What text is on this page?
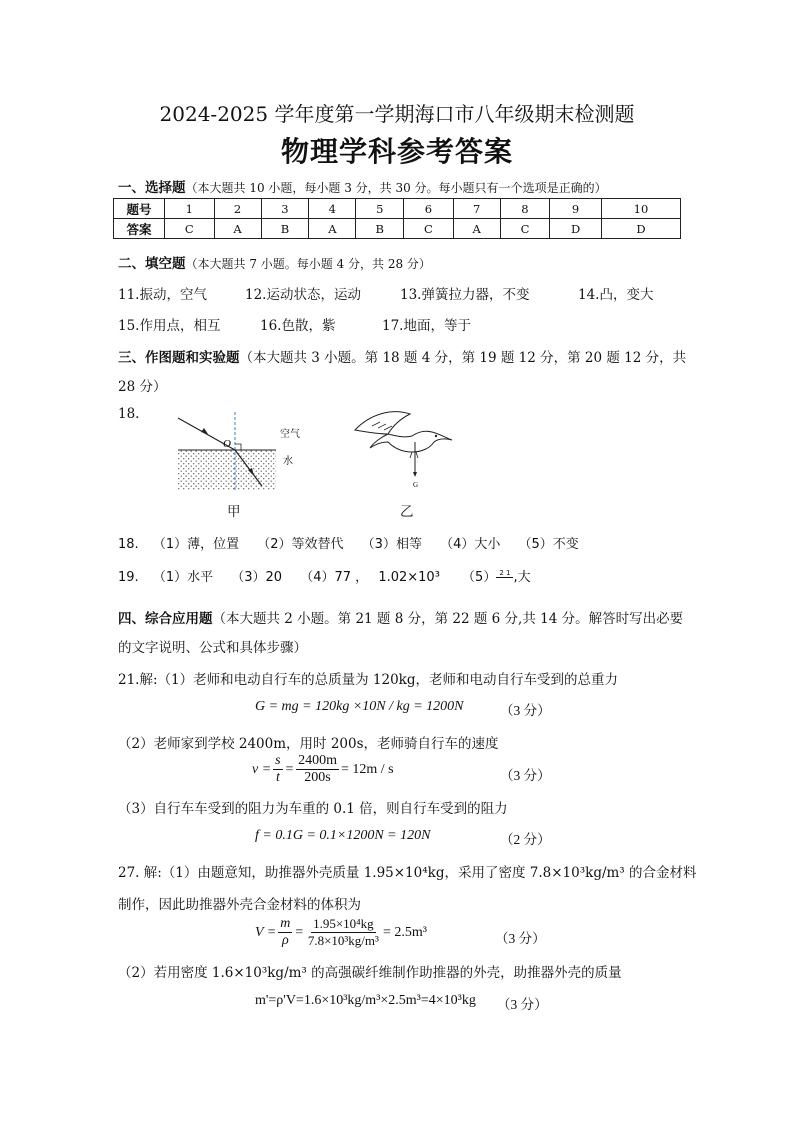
2024-2025 学年度第一学期海口市八年级期末检测题
物理学科参考答案
一、选择题（本大题共 10 小题，每小题 3 分，共 30 分。每小题只有一个选项是正确的）
题号	1	2	3	4	5	6	7	8	9	10
答案	C	A	B	A	B	C	A	C	D	D
二、填空题（本大题共 7 小题。每小题 4 分，共 28 分）
11.振动，空气	12.运动状态，运动	13.弹簧拉力器，不变	14.凸，变大
15.作用点，相互	16.色散，紫	17.地面，等于
三、作图题和实验题（本大题共 3 小题。第 18 题 4 分，第 19 题 12 分，第 20 题 12 分，共
28 分）
18.
O
空气
水
甲
G
乙
18. （1）薄，位置 （2）等效替代 （3）相等 （4）大小 （5）不变
19. （1）水平 （3）20 （4）77 ， 1.02×10³ （5） 2 1 ,大
四、综合应用题（本大题共 2 小题。第 21 题 8 分，第 22 题 6 分,共 14 分。解答时写出必要
的文字说明、公式和具体步骤）
21.解:（1）老师和电动自行车的总质量为 120kg，老师和电动自行车受到的总重力
G = mg = 120kg ×10N / kg = 1200N	（3 分）
（2）老师家到学校 2400m，用时 200s，老师骑自行车的速度
$v = \frac{s}{t} = \frac{2400m}{200s} = 12m / s$	（3 分）
（3）自行车车受到的阻力为车重的 0.1 倍，则自行车受到的阻力
f = 0.1G = 0.1×1200N = 120N	（2 分）
27. 解:（1）由题意知，助推器外壳质量 1.95×10⁴kg，采用了密度 7.8×10³kg/m³ 的合金材料
制作，因此助推器外壳合金材料的体积为
$V = \frac{m}{\rho} = \frac{\text{1.95×10⁴kg}}{\text{7.8×10³kg/m³}} = 2.5m^3$	（3 分）
（2）若用密度 1.6×10³kg/m³ 的高强碳纤维制作助推器的外壳，助推器外壳的质量
m'=ρ'V=1.6×10³kg/m³×2.5m³=4×10³kg （3 分）
